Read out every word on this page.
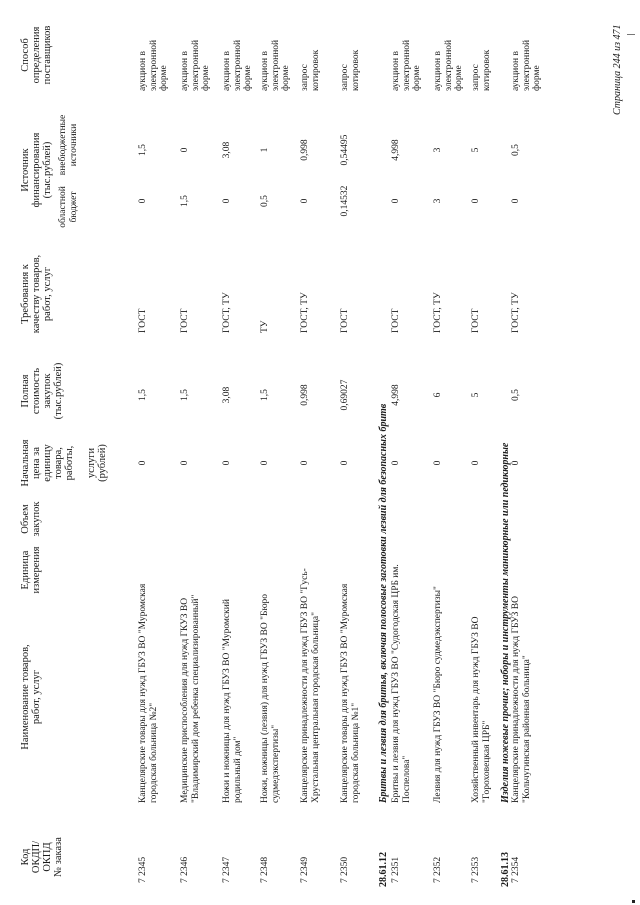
Код ОКДП/ ОКПД № заказа
Наименование товаров, работ, услуг
Единица измерения
Объем закупок
Начальная цена за единицу товара, работы,
услуги (рублей)
Полная стоимость закупок (тыс.рублей)
Требования к качеству товаров, работ, услуг
Источник финансирования (тыс.рублей)
областной бюджет
внебюджетные источники
Способ определения поставщиков
7 2345
Канцелярские товары для нужд ГБУЗ ВО "Муромская городская больница №2"
0
1,5
ГОСТ
0
1,5
аукцион в электронной форме
7 2346
Медицинские приспособления для нужд ГКУЗ ВО "Владимирский дом ребенка специализированный"
0
1,5
ГОСТ
1,5
0
аукцион в электронной форме
7 2347
Ножи и ножницы для нужд ГБУЗ ВО "Муромский родильный дом"
0
3,08
ГОСТ, ТУ
0
3,08
аукцион в электронной форме
7 2348
Ножи, ножницы (лезвия) для нужд ГБУЗ ВО "Бюро судмедэкспертизы"
0
1,5
ТУ
0,5
1
аукцион в электронной форме
7 2349
Канцелярские принадлежности для нужд ГБУЗ ВО "Гусь-Хрустальная центральная городская больница"
0
0,998
ГОСТ, ТУ
0
0,998
запрос котировок
7 2350
Канцелярские товары для нужд ГБУЗ ВО "Муромская городская больница №1"
0
0,69027
ГОСТ
0,14532
0,54495
запрос котировок
28.61.12
Бритвы и лезвия для бритья, включая полосовые заготовки лезвий для безопасных бритв
7 2351
Бритвы и лезвия для нужд ГБУЗ ВО "Судогодская ЦРБ им. Поспелова"
0
4,998
ГОСТ
0
4,998
аукцион в электронной форме
7 2352
Лезвия для нужд ГБУЗ ВО "Бюро судмедэкспертизы"
0
6
ГОСТ, ТУ
3
3
аукцион в электронной форме
7 2353
Хозяйственный инвентарь для нужд ГБУЗ ВО "Гороховецкая ЦРБ"
0
5
ГОСТ
0
5
запрос котировок
28.61.13
Изделия ножевые прочие; наборы и инструменты маникюрные или педикюрные
7 2354
Канцелярские принадлежности для нужд ГБУЗ ВО "Кольчугинская районная больница"
0
0,5
ГОСТ, ТУ
0
0,5
аукцион в электронной форме	Страница 244 из 471
